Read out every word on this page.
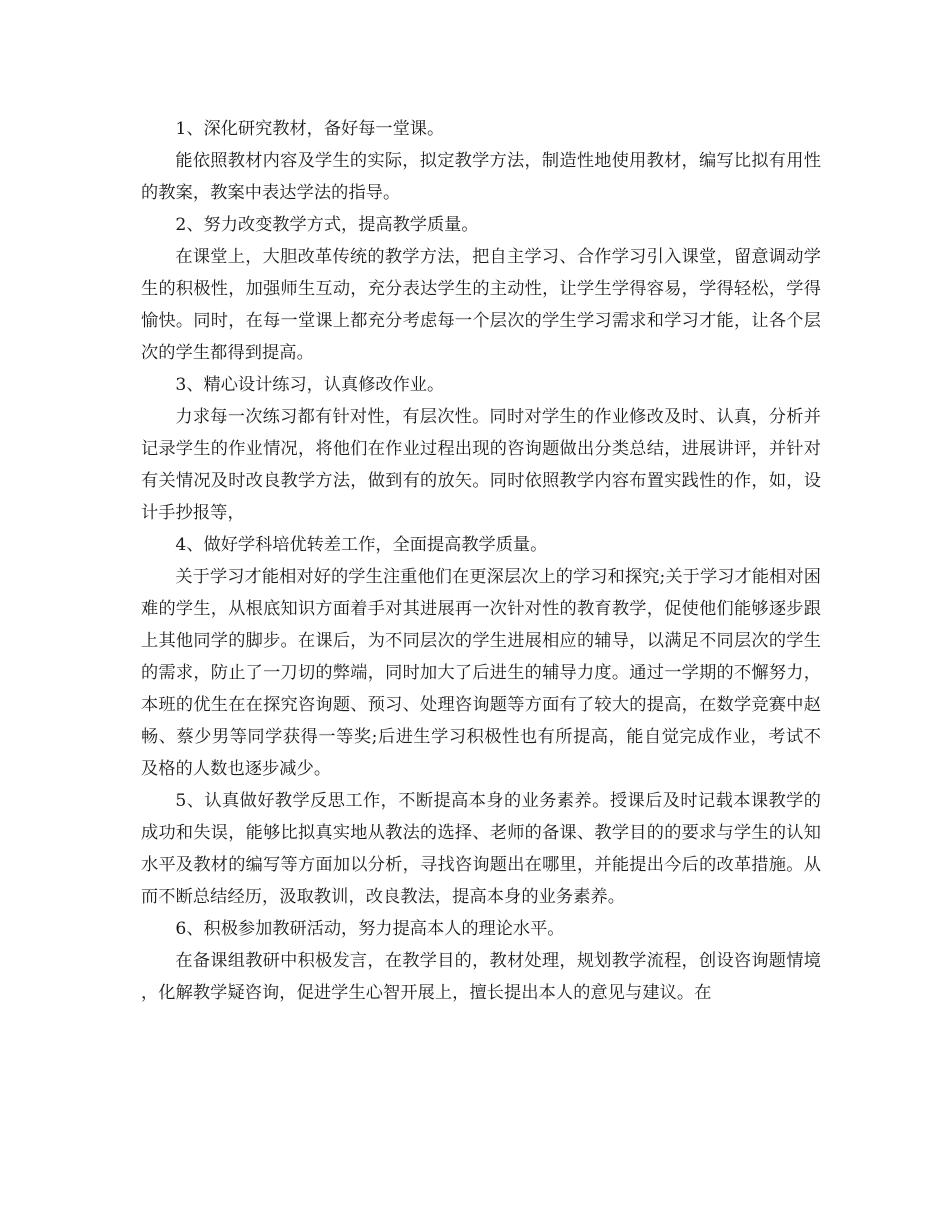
1、深化研究教材，备好每一堂课。

能依照教材内容及学生的实际，拟定教学方法，制造性地使用教材，编写比拟有用性的教案，教案中表达学法的指导。

2、努力改变教学方式，提高教学质量。

在课堂上，大胆改革传统的教学方法，把自主学习、合作学习引入课堂，留意调动学生的积极性，加强师生互动，充分表达学生的主动性，让学生学得容易，学得轻松，学得愉快。同时，在每一堂课上都充分考虑每一个层次的学生学习需求和学习才能，让各个层次的学生都得到提高。

3、精心设计练习，认真修改作业。

力求每一次练习都有针对性，有层次性。同时对学生的作业修改及时、认真，分析并记录学生的作业情况，将他们在作业过程出现的咨询题做出分类总结，进展讲评，并针对有关情况及时改良教学方法，做到有的放矢。同时依照教学内容布置实践性的作，如，设计手抄报等，

4、做好学科培优转差工作，全面提高教学质量。

关于学习才能相对好的学生注重他们在更深层次上的学习和探究;关于学习才能相对困难的学生，从根底知识方面着手对其进展再一次针对性的教育教学，促使他们能够逐步跟上其他同学的脚步。在课后，为不同层次的学生进展相应的辅导，以满足不同层次的学生的需求，防止了一刀切的弊端，同时加大了后进生的辅导力度。通过一学期的不懈努力，本班的优生在在探究咨询题、预习、处理咨询题等方面有了较大的提高，在数学竞赛中赵畅、蔡少男等同学获得一等奖;后进生学习积极性也有所提高，能自觉完成作业，考试不及格的人数也逐步减少。

5、认真做好教学反思工作，不断提高本身的业务素养。授课后及时记载本课教学的成功和失误，能够比拟真实地从教法的选择、老师的备课、教学目的的要求与学生的认知水平及教材的编写等方面加以分析，寻找咨询题出在哪里，并能提出今后的改革措施。从而不断总结经历，汲取教训，改良教法，提高本身的业务素养。

6、积极参加教研活动，努力提高本人的理论水平。

在备课组教研中积极发言，在教学目的，教材处理，规划教学流程，创设咨询题情境，化解教学疑咨询，促进学生心智开展上，擅长提出本人的意见与建议。在
